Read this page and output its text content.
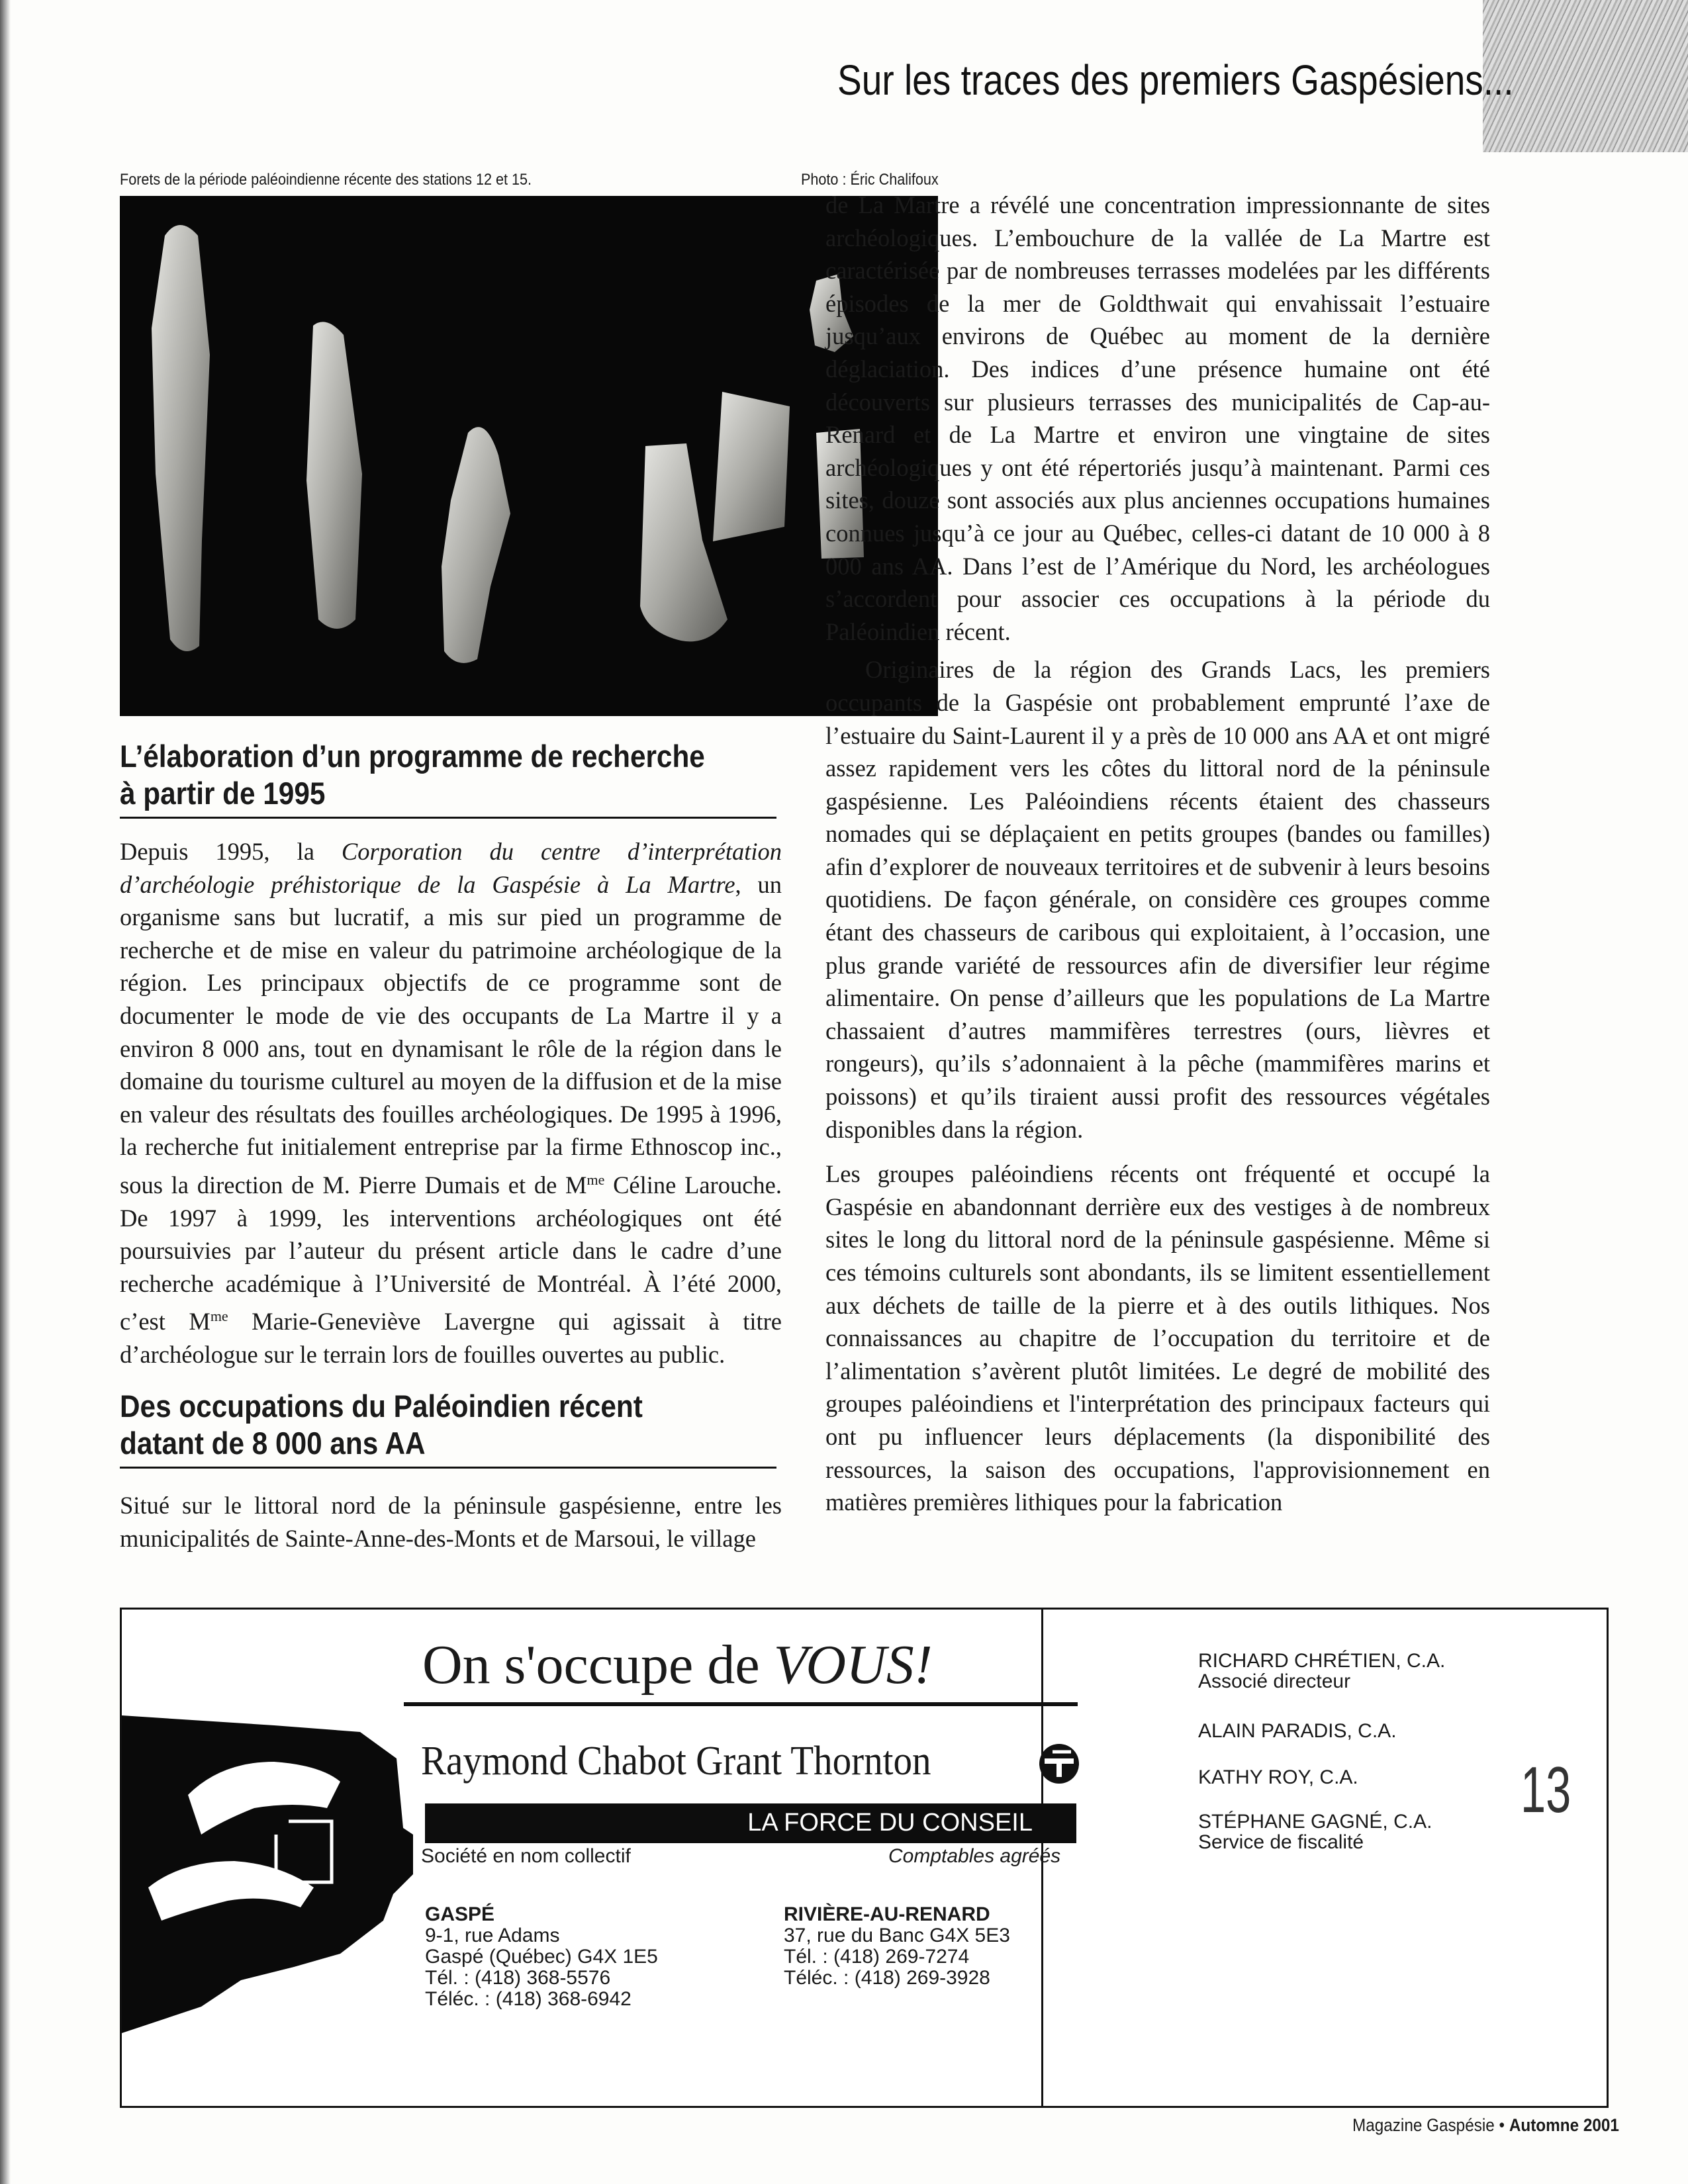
Sur les traces des premiers Gaspésiens...
Forets de la période paléoindienne récente des stations 12 et 15.	Photo : Éric Chalifoux

de La Martre a révélé une concentration impressionnante de sites archéologiques. L’embouchure de la vallée de La Martre est caractérisée par de nombreuses terrasses modelées par les différents épisodes de la mer de Goldthwait qui envahissait l’estuaire jusqu’aux environs de Québec au moment de la dernière déglaciation. Des indices d’une présence humaine ont été découverts sur plusieurs terrasses des municipalités de Cap-au-Renard et de La Martre et environ une vingtaine de sites archéologiques y ont été répertoriés jusqu’à maintenant. Parmi ces sites, douze sont associés aux plus anciennes occupations humaines connues jusqu’à ce jour au Québec, celles-ci datant de 10 000 à 8 000 ans AA. Dans l’est de l’Amérique du Nord, les archéologues s’accordent pour associer ces occupations à la période du Paléoindien récent.

Originaires de la région des Grands Lacs, les premiers occupants de la Gaspésie ont probablement emprunté l’axe de l’estuaire du Saint-Laurent il y a près de 10 000 ans AA et ont migré assez rapidement vers les côtes du littoral nord de la péninsule gaspésienne. Les Paléoindiens récents étaient des chasseurs nomades qui se déplaçaient en petits groupes (bandes ou familles) afin d’explorer de nouveaux territoires et de subvenir à leurs besoins quotidiens. De façon générale, on considère ces groupes comme étant des chasseurs de caribous qui exploitaient, à l’occasion, une plus grande variété de ressources afin de diversifier leur régime alimentaire. On pense d’ailleurs que les populations de La Martre chassaient d’autres mammifères terrestres (ours, lièvres et rongeurs), qu’ils s’adonnaient à la pêche (mammifères marins et poissons) et qu’ils tiraient aussi profit des ressources végétales disponibles dans la région.

Les groupes paléoindiens récents ont fréquenté et occupé la Gaspésie en abandonnant derrière eux des vestiges à de nombreux sites le long du littoral nord de la péninsule gaspésienne. Même si ces témoins culturels sont abondants, ils se limitent essentiellement aux déchets de taille de la pierre et à des outils lithiques. Nos connaissances au chapitre de l’occupation du territoire et de l’alimentation s’avèrent plutôt limitées. Le degré de mobilité des groupes paléoindiens et l'interprétation des principaux facteurs qui ont pu influencer leurs déplacements (la disponibilité des ressources, la saison des occupations, l'approvisionnement en matières premières lithiques pour la fabrication

L’élaboration d’un programme de recherche
à partir de 1995

Depuis 1995, la Corporation du centre d’interprétation d’archéologie préhistorique de la Gaspésie à La Martre, un organisme sans but lucratif, a mis sur pied un programme de recherche et de mise en valeur du patrimoine archéologique de la région. Les principaux objectifs de ce programme sont de documenter le mode de vie des occupants de La Martre il y a environ 8 000 ans, tout en dynamisant le rôle de la région dans le domaine du tourisme culturel au moyen de la diffusion et de la mise en valeur des résultats des fouilles archéologiques. De 1995 à 1996, la recherche fut initialement entreprise par la firme Ethnoscop inc., sous la direction de M. Pierre Dumais et de $M^{me}$ Céline Larouche. De 1997 à 1999, les interventions archéologiques ont été poursuivies par l’auteur du présent article dans le cadre d’une recherche académique à l’Université de Montréal. À l’été 2000, c’est $M^{me}$ Marie-Geneviève Lavergne qui agissait à titre d’archéologue sur le terrain lors de fouilles ouvertes au public.

Des occupations du Paléoindien récent
datant de 8 000 ans AA
Situé sur le littoral nord de la péninsule gaspésienne, entre les municipalités de Sainte-Anne-des-Monts et de Marsoui, le village
On s'occupe de VOUS!
Raymond Chabot Grant Thornton
LA FORCE DU CONSEIL
Société en nom collectif	Comptables agréés
GASPÉ
9-1, rue Adams
Gaspé (Québec) G4X 1E5
Tél. : (418) 368-5576
Téléc. : (418) 368-6942
RIVIÈRE-AU-RENARD
37, rue du Banc G4X 5E3
Tél. : (418) 269-7274
Téléc. : (418) 269-3928
RICHARD CHRÉTIEN, C.A.
Associé directeur
ALAIN PARADIS, C.A.
KATHY ROY, C.A.
STÉPHANE GAGNÉ, C.A.
Service de fiscalité
13
Magazine Gaspésie • Automne 2001
